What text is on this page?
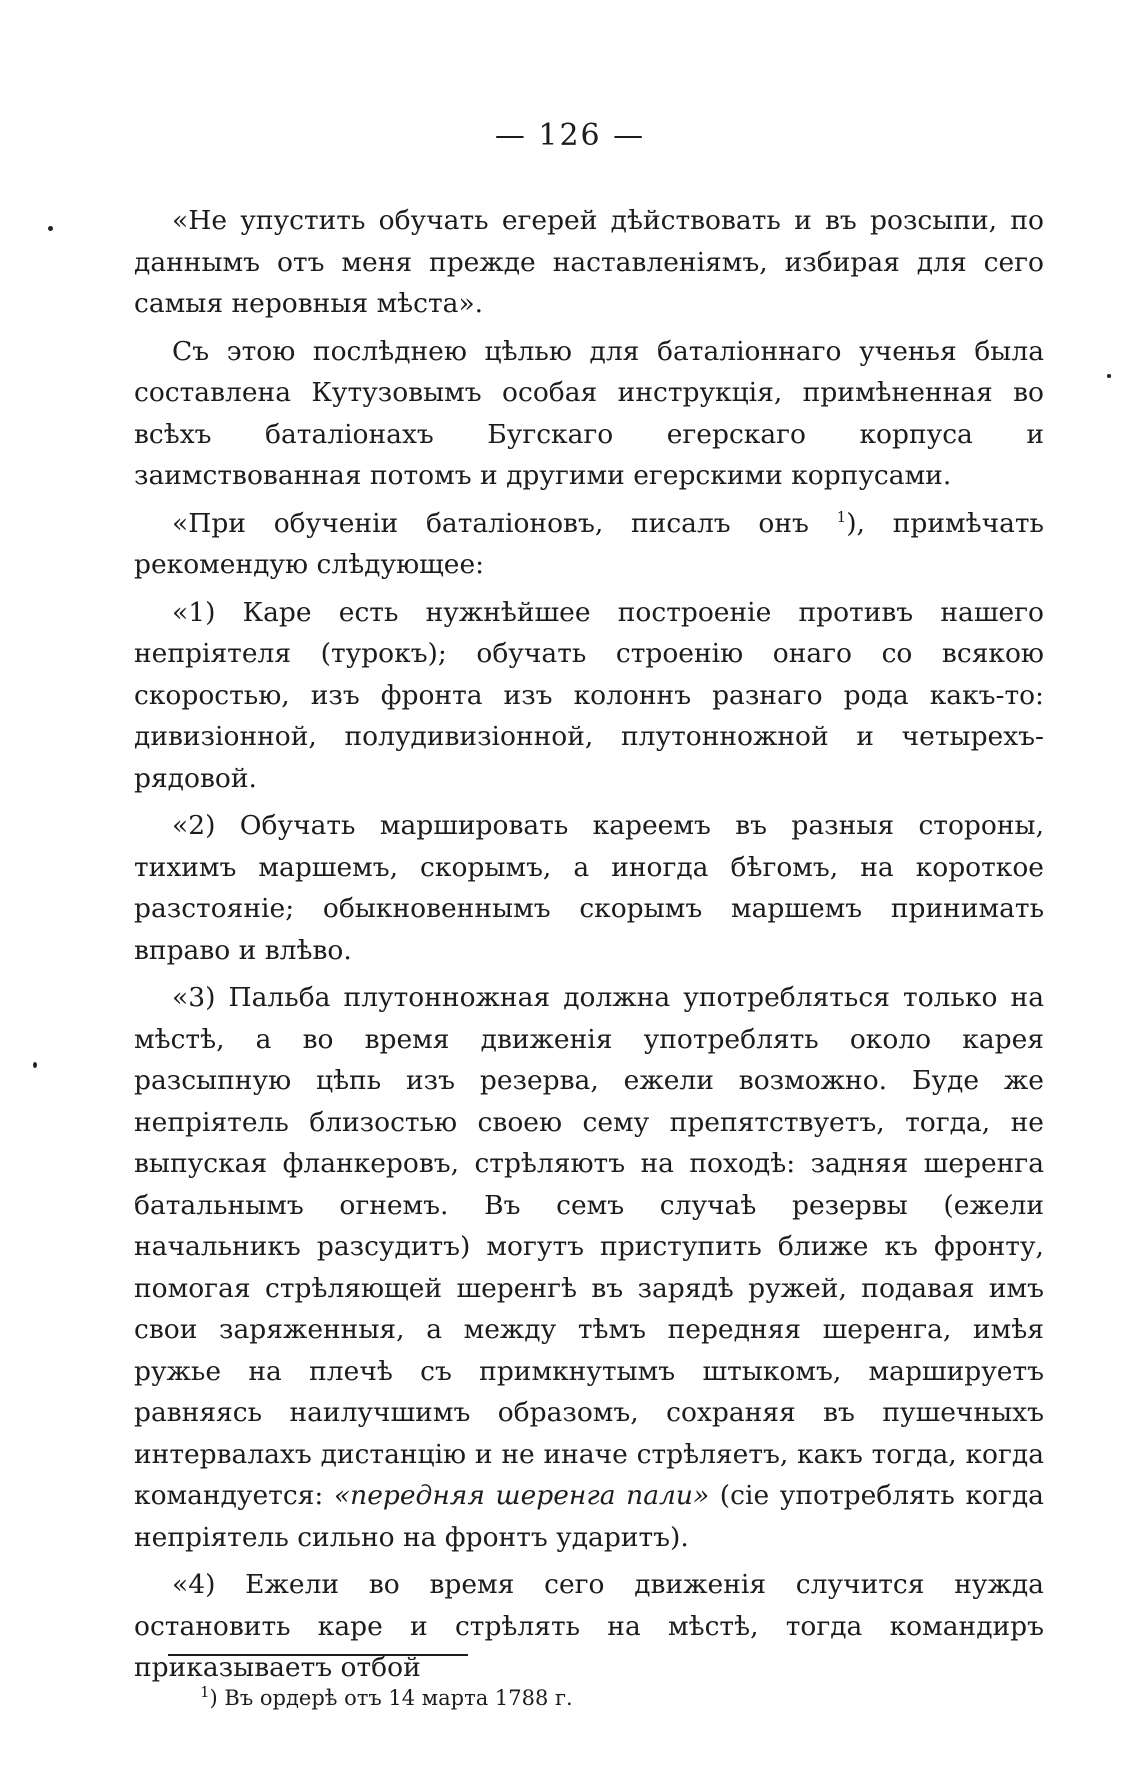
— 126 —

«Не упустить обучать егерей дѣйствовать и въ розсыпи, по даннымъ отъ меня прежде наставленіямъ, избирая для сего самыя неровныя мѣста».

Съ этою послѣднею цѣлью для баталіоннаго ученья была составлена Кутузовымъ особая инструкція, примѣненная во всѣхъ баталіонахъ Бугскаго егерскаго корпуса и заимствованная потомъ и другими егерскими корпусами.

«При обученіи баталіоновъ, писалъ онъ $^1$), примѣчать рекомендую слѣдующее:

«1) Каре есть нужнѣйшее построеніе противъ нашего непріятеля (турокъ); обучать строенію онаго со всякою скоростью, изъ фронта изъ колоннъ разнаго рода какъ-то: дивизіонной, полудивизіонной, плутонножной и четырехъ-рядовой.

«2) Обучать маршировать кареемъ въ разныя стороны, тихимъ маршемъ, скорымъ, а иногда бѣгомъ, на короткое разстояніе; обыкновеннымъ скорымъ маршемъ принимать вправо и влѣво.

«3) Пальба плутонножная должна употребляться только на мѣстѣ, а во время движенія употреблять около карея разсыпную цѣпь изъ резерва, ежели возможно. Буде же непріятель близостью своею сему препятствуетъ, тогда, не выпуская фланкеровъ, стрѣляютъ на походѣ: задняя шеренга батальнымъ огнемъ. Въ семъ случаѣ резервы (ежели начальникъ разсудитъ) могутъ приступить ближе къ фронту, помогая стрѣляющей шеренгѣ въ зарядѣ ружей, подавая имъ свои заряженныя, а между тѣмъ передняя шеренга, имѣя ружье на плечѣ съ примкнутымъ штыкомъ, маршируетъ равняясь наилучшимъ образомъ, сохраняя въ пушечныхъ интервалахъ дистанцію и не иначе стрѣляетъ, какъ тогда, когда командуется: «передняя шеренга пали» (сіе употреблять когда непріятель сильно на фронтъ ударитъ).

«4) Ежели во время сего движенія случится нужда остановить каре и стрѣлять на мѣстѣ, тогда командиръ приказываетъ отбой

$^1$) Въ ордерѣ отъ 14 марта 1788 г.
